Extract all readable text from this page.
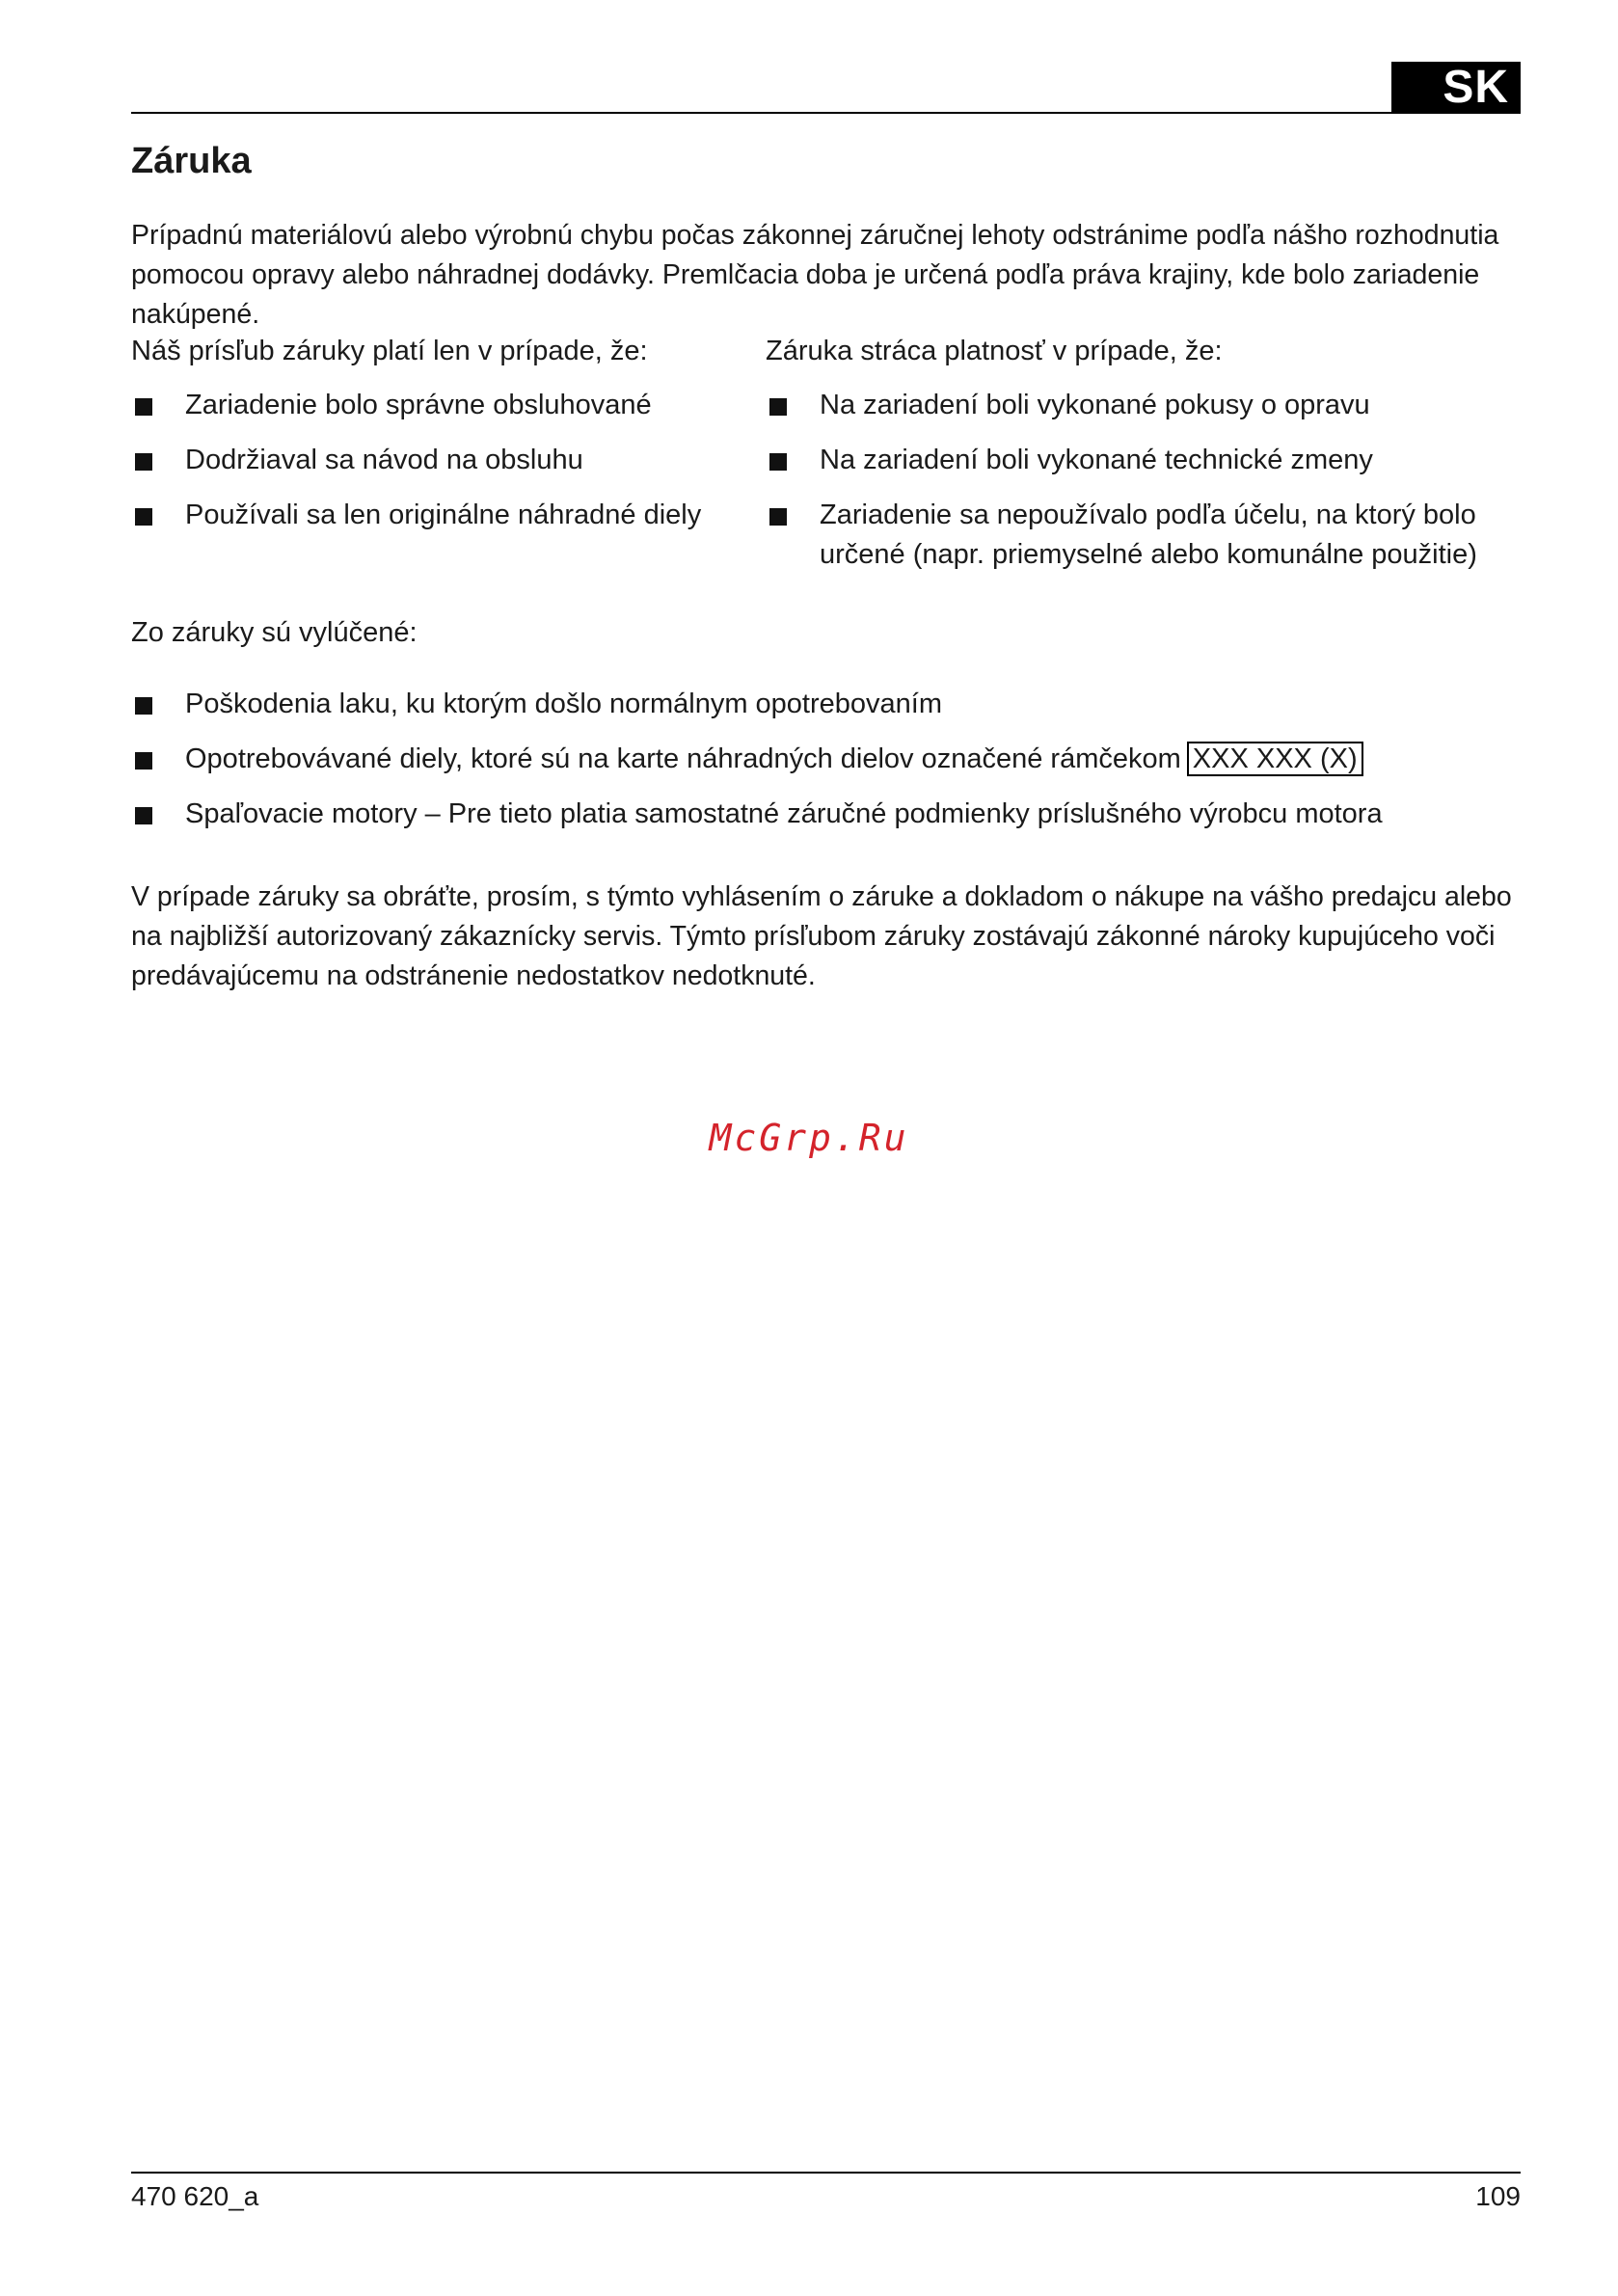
SK
Záruka

Prípadnú materiálovú alebo výrobnú chybu počas zákonnej záručnej lehoty odstránime podľa nášho rozhodnutia pomocou opravy alebo náhradnej dodávky. Premlčacia doba je určená podľa práva krajiny, kde bolo zariadenie nakúpené.

Náš prísľub záruky platí len v prípade, že:
Zariadenie bolo správne obsluhované
Dodržiaval sa návod na obsluhu
Používali sa len originálne náhradné diely
Záruka stráca platnosť v prípade, že:
Na zariadení boli vykonané pokusy o opravu
Na zariadení boli vykonané technické zmeny
Zariadenie sa nepoužívalo podľa účelu, na ktorý bolo určené (napr. priemyselné alebo komunálne použitie)
Zo záruky sú vylúčené:
Poškodenia laku, ku ktorým došlo normálnym opotrebovaním
Opotrebovávané diely, ktoré sú na karte náhradných dielov označené rámčekom XXX XXX (X)
Spaľovacie motory – Pre tieto platia samostatné záručné podmienky príslušného výrobcu motora

V prípade záruky sa obráťte, prosím, s týmto vyhlásením o záruke a dokladom o nákupe na vášho predajcu alebo na najbližší autorizovaný zákaznícky servis. Týmto prísľubom záruky zostávajú zákonné nároky kupujúceho voči predávajúcemu na odstránenie nedostatkov nedotknuté.

McGrp.Ru
470 620_a	109
